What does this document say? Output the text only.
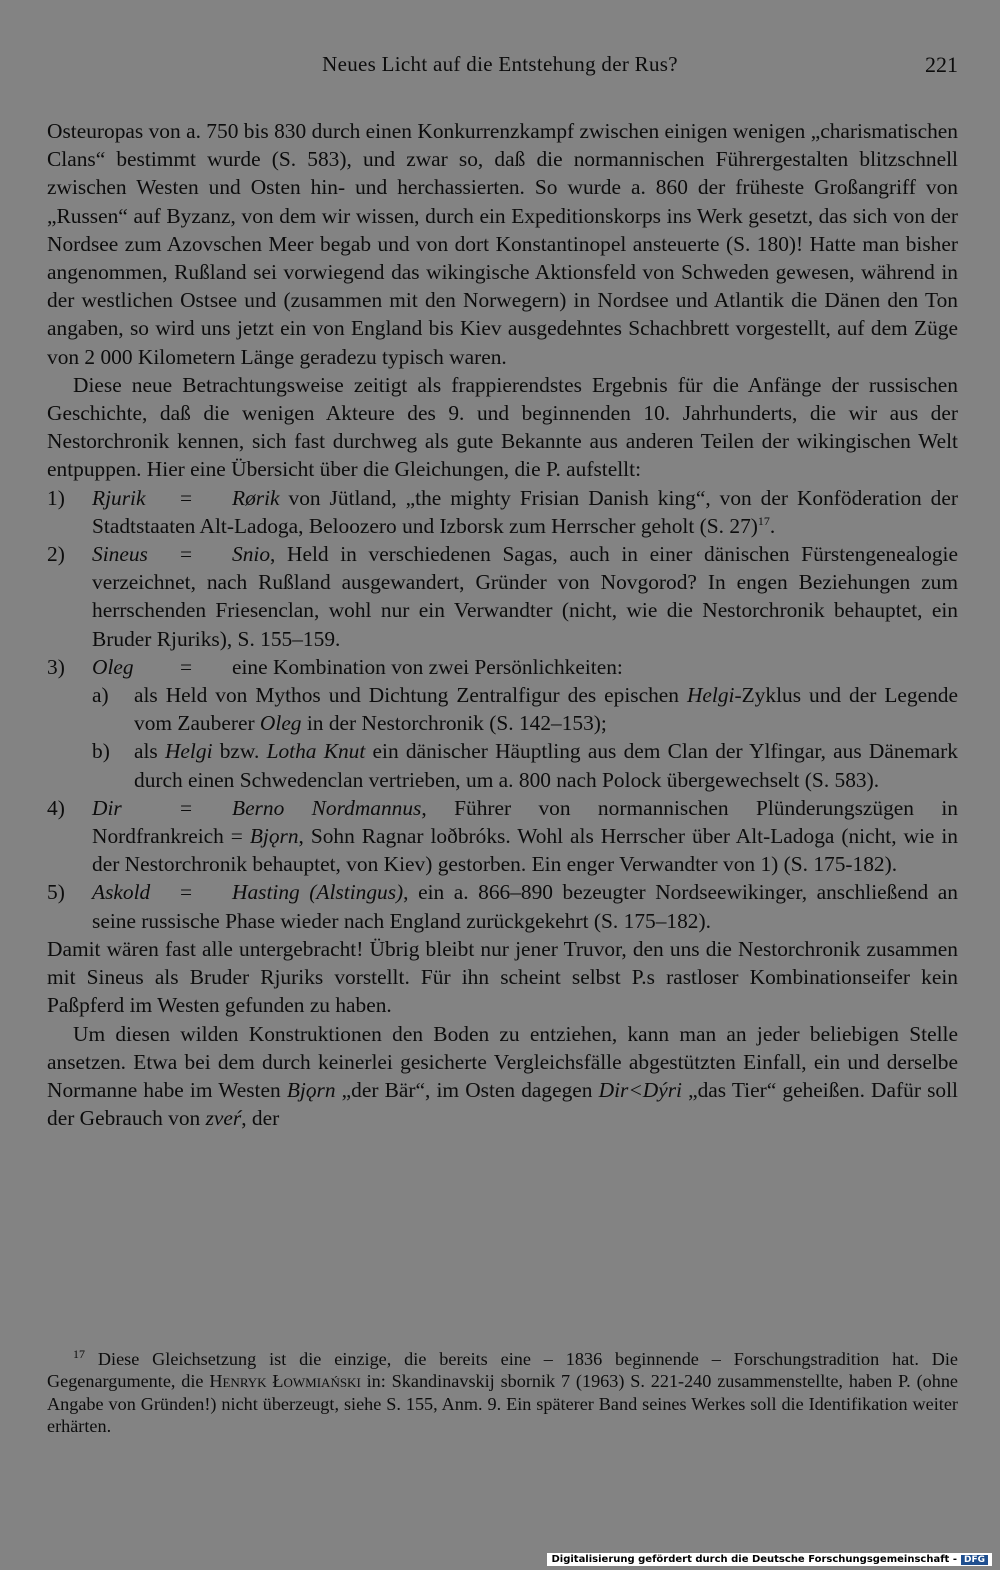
Neues Licht auf die Entstehung der Rus?	221

Osteuropas von a. 750 bis 830 durch einen Konkurrenzkampf zwischen einigen wenigen „charismatischen Clans“ bestimmt wurde (S. 583), und zwar so, daß die normannischen Führergestalten blitzschnell zwischen Westen und Osten hin- und herchassierten. So wurde a. 860 der früheste Großangriff von „Russen“ auf Byzanz, von dem wir wissen, durch ein Expeditionskorps ins Werk gesetzt, das sich von der Nordsee zum Azovschen Meer begab und von dort Konstantinopel ansteuerte (S. 180)! Hatte man bisher angenommen, Rußland sei vorwiegend das wikingische Aktionsfeld von Schweden gewesen, während in der westlichen Ostsee und (zusammen mit den Norwegern) in Nordsee und Atlantik die Dänen den Ton angaben, so wird uns jetzt ein von England bis Kiev ausgedehntes Schachbrett vorgestellt, auf dem Züge von 2 000 Kilometern Länge geradezu typisch waren.

Diese neue Betrachtungsweise zeitigt als frappierendstes Ergebnis für die Anfänge der russischen Geschichte, daß die wenigen Akteure des 9. und beginnenden 10. Jahrhunderts, die wir aus der Nestorchronik kennen, sich fast durchweg als gute Bekannte aus anderen Teilen der wikingischen Welt entpuppen. Hier eine Übersicht über die Gleichungen, die P. aufstellt:

1)	Rjurik = Rørik von Jütland, „the mighty Frisian Danish king“, von der Konföderation der Stadtstaaten Alt-Ladoga, Beloozero und Izborsk zum Herrscher geholt (S. 27)$^{17}$.
2)	Sineus = Snio, Held in verschiedenen Sagas, auch in einer dänischen Fürstengenealogie verzeichnet, nach Rußland ausgewandert, Gründer von Novgorod? In engen Beziehungen zum herrschenden Friesenclan, wohl nur ein Verwandter (nicht, wie die Nestorchronik behauptet, ein Bruder Rjuriks), S. 155–159.
3)	Oleg = eine Kombination von zwei Persönlichkeiten:
a)	als Held von Mythos und Dichtung Zentralfigur des epischen Helgi-Zyklus und der Legende vom Zauberer Oleg in der Nestorchronik (S. 142–153);
b)	als Helgi bzw. Lotha Knut ein dänischer Häuptling aus dem Clan der Ylfingar, aus Dänemark durch einen Schwedenclan vertrieben, um a. 800 nach Polock übergewechselt (S. 583).
4)	Dir	= Berno Nordmannus, Führer von normannischen Plünderungszügen in Nordfrankreich = Bjǫrn, Sohn Ragnar loðbróks. Wohl als Herrscher über Alt-Ladoga (nicht, wie in der Nestorchronik behauptet, von Kiev) gestorben. Ein enger Verwandter von 1) (S. 175-182).
5)	Askold = Hasting (Alstingus), ein a. 866–890 bezeugter Nordseewikinger, anschließend an seine russische Phase wieder nach England zurückgekehrt (S. 175–182).

Damit wären fast alle untergebracht! Übrig bleibt nur jener Truvor, den uns die Nestorchronik zusammen mit Sineus als Bruder Rjuriks vorstellt. Für ihn scheint selbst P.s rastloser Kombinationseifer kein Paßpferd im Westen gefunden zu haben.

Um diesen wilden Konstruktionen den Boden zu entziehen, kann man an jeder beliebigen Stelle ansetzen. Etwa bei dem durch keinerlei gesicherte Vergleichsfälle abgestützten Einfall, ein und derselbe Normanne habe im Westen Bjǫrn „der Bär“, im Osten dagegen Dir<Dýri „das Tier“ geheißen. Dafür soll der Gebrauch von zveŕ, der

$^{17}$ Diese Gleichsetzung ist die einzige, die bereits eine – 1836 beginnende – Forschungstradition hat. Die Gegenargumente, die Henryk Łowmiański in: Skandinavskij sbornik 7 (1963) S. 221-240 zusammenstellte, haben P. (ohne Angabe von Gründen!) nicht überzeugt, siehe S. 155, Anm. 9. Ein späterer Band seines Werkes soll die Identifikation weiter erhärten.

Digitalisierung gefördert durch die Deutsche Forschungsgemeinschaft - DFG
